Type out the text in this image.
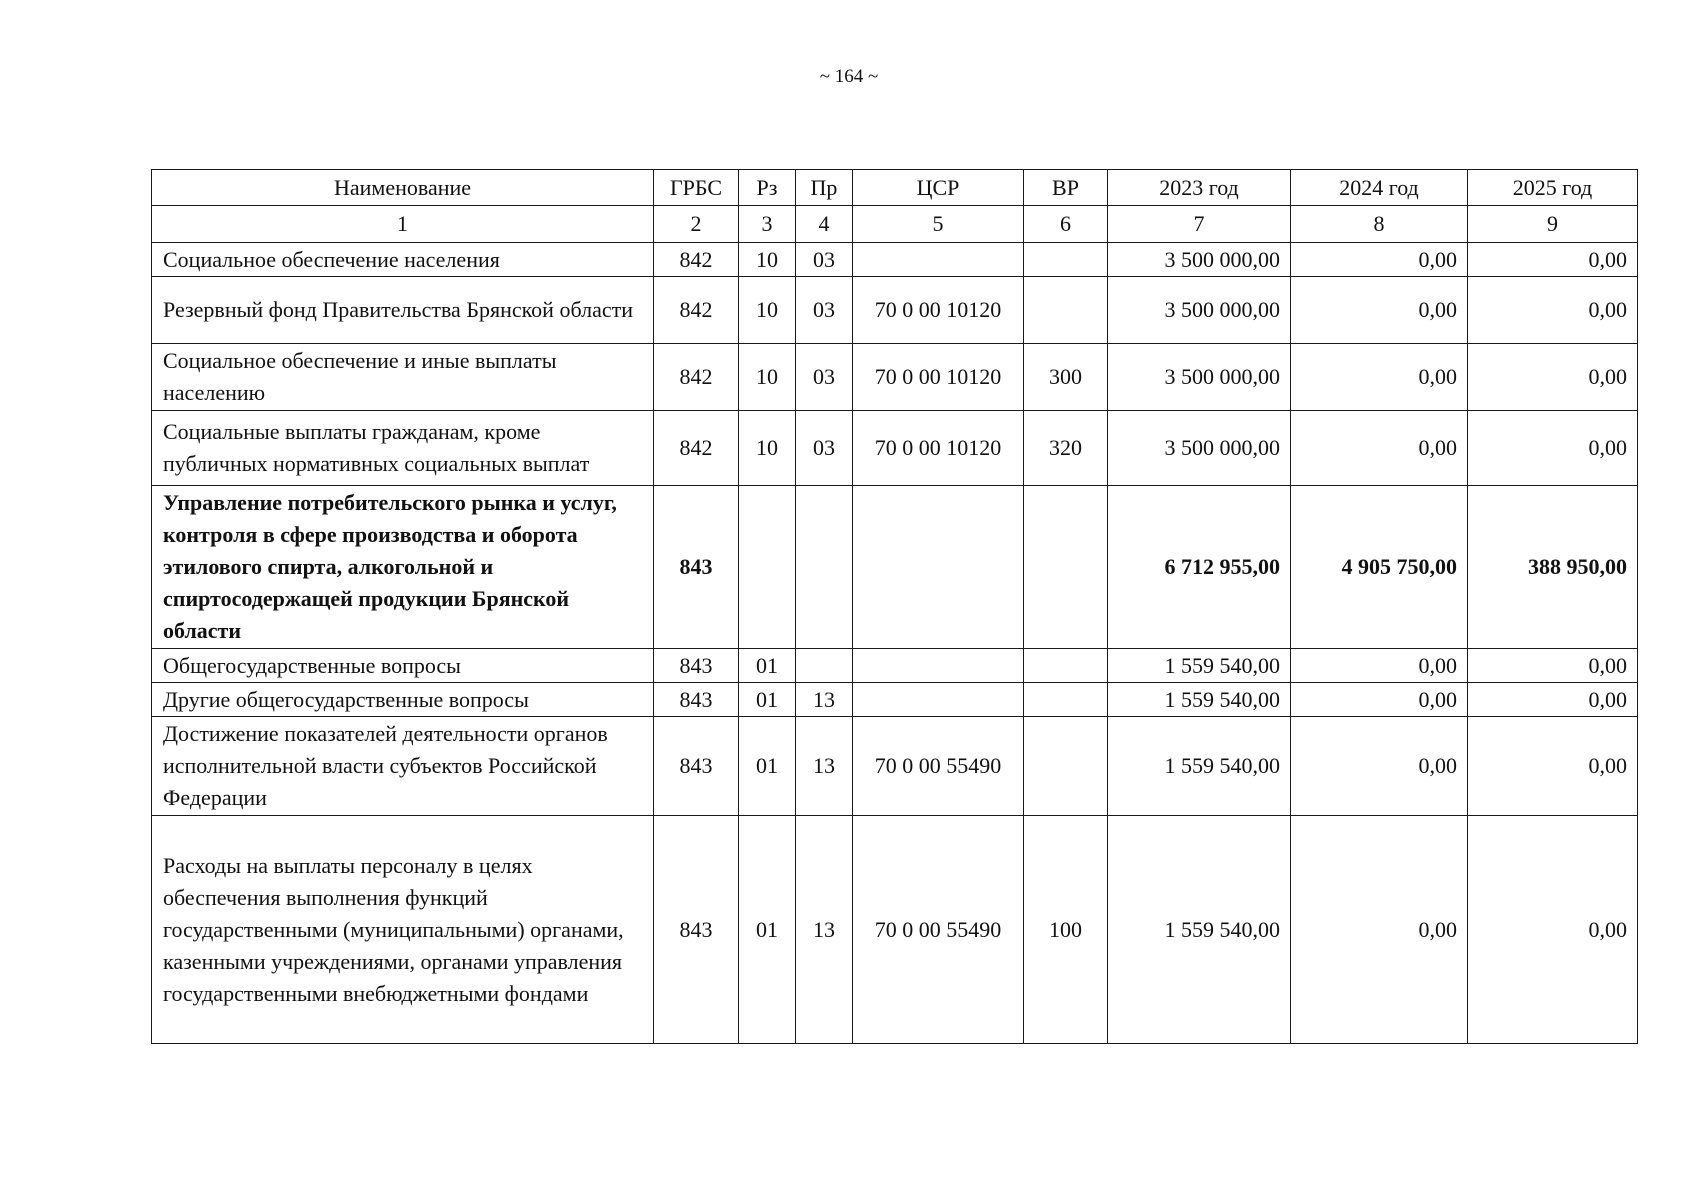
~ 164 ~
Наименование	ГРБС	Рз	Пр	ЦСР	ВР	2023 год	2024 год	2025 год
1	2	3	4	5	6	7	8	9
Социальное обеспечение населения	842	10	03			3 500 000,00	0,00	0,00
Резервный фонд Правительства Брянской области	842	10	03	70 0 00 10120		3 500 000,00	0,00	0,00
Социальное обеспечение и иные выплаты населению	842	10	03	70 0 00 10120	300	3 500 000,00	0,00	0,00
Социальные выплаты гражданам, кроме публичных нормативных социальных выплат	842	10	03	70 0 00 10120	320	3 500 000,00	0,00	0,00
Управление потребительского рынка и услуг, контроля в сфере производства и оборота этилового спирта, алкогольной и спиртосодержащей продукции Брянской области	843					6 712 955,00	4 905 750,00	388 950,00
Общегосударственные вопросы	843	01				1 559 540,00	0,00	0,00
Другие общегосударственные вопросы	843	01	13			1 559 540,00	0,00	0,00
Достижение показателей деятельности органов исполнительной власти субъектов Российской Федерации	843	01	13	70 0 00 55490		1 559 540,00	0,00	0,00
Расходы на выплаты персоналу в целях обеспечения выполнения функций государственными (муниципальными) органами, казенными учреждениями, органами управления государственными внебюджетными фондами	843	01	13	70 0 00 55490	100	1 559 540,00	0,00	0,00
